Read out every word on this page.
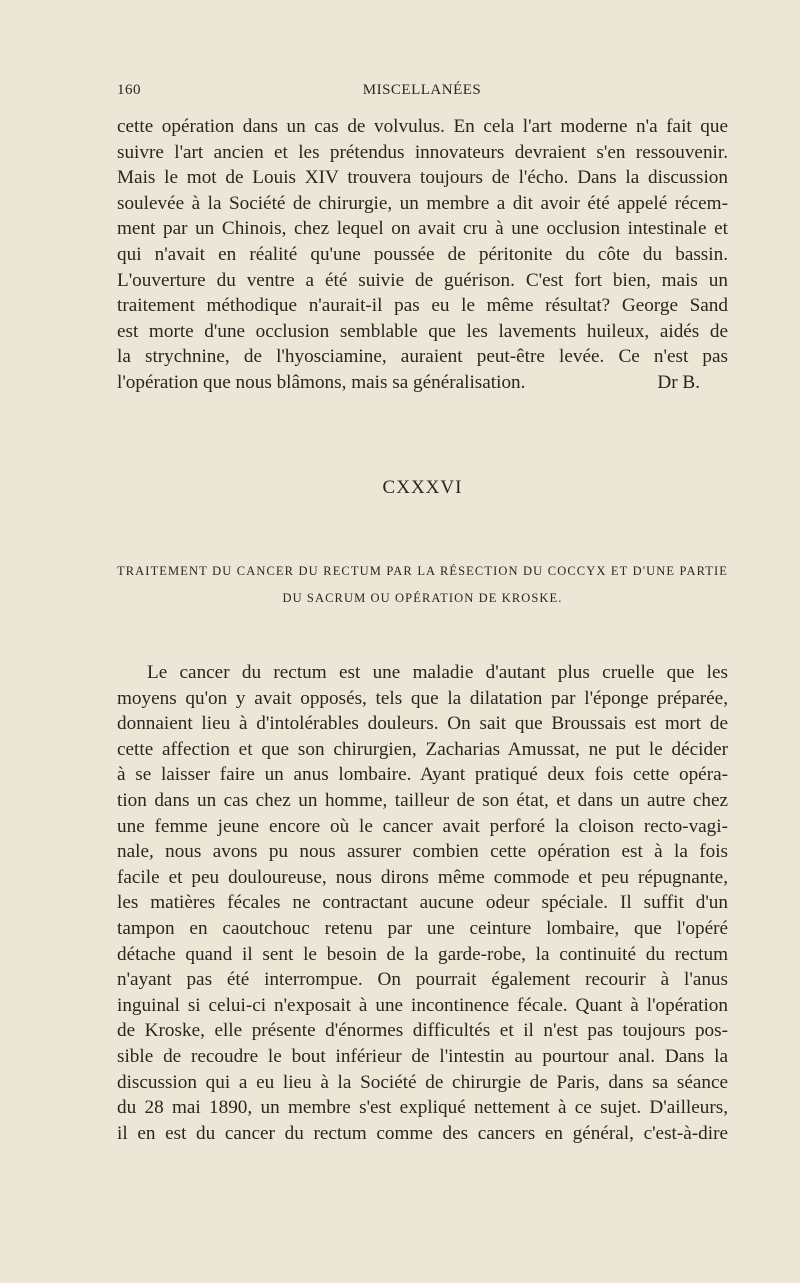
160	MISCELLANÉES
cette opération dans un cas de volvulus. En cela l'art moderne n'a fait que
suivre l'art ancien et les prétendus innovateurs devraient s'en ressouvenir.
Mais le mot de Louis XIV trouvera toujours de l'écho. Dans la discussion
soulevée à la Société de chirurgie, un membre a dit avoir été appelé récem-
ment par un Chinois, chez lequel on avait cru à une occlusion intestinale et
qui n'avait en réalité qu'une poussée de péritonite du côte du bassin.
L'ouverture du ventre a été suivie de guérison. C'est fort bien, mais un
traitement méthodique n'aurait-il pas eu le même résultat? George Sand
est morte d'une occlusion semblable que les lavements huileux, aidés de
la strychnine, de l'hyosciamine, auraient peut-être levée. Ce n'est pas
l'opération que nous blâmons, mais sa généralisation.	Dr B.
CXXXVI
TRAITEMENT DU CANCER DU RECTUM PAR LA RÉSECTION DU COCCYX ET D'UNE PARTIE
DU SACRUM OU OPÉRATION DE KROSKE.
Le cancer du rectum est une maladie d'autant plus cruelle que les
moyens qu'on y avait opposés, tels que la dilatation par l'éponge préparée,
donnaient lieu à d'intolérables douleurs. On sait que Broussais est mort de
cette affection et que son chirurgien, Zacharias Amussat, ne put le décider
à se laisser faire un anus lombaire. Ayant pratiqué deux fois cette opéra-
tion dans un cas chez un homme, tailleur de son état, et dans un autre chez
une femme jeune encore où le cancer avait perforé la cloison recto-vagi-
nale, nous avons pu nous assurer combien cette opération est à la fois
facile et peu douloureuse, nous dirons même commode et peu répugnante,
les matières fécales ne contractant aucune odeur spéciale. Il suffit d'un
tampon en caoutchouc retenu par une ceinture lombaire, que l'opéré
détache quand il sent le besoin de la garde-robe, la continuité du rectum
n'ayant pas été interrompue. On pourrait également recourir à l'anus
inguinal si celui-ci n'exposait à une incontinence fécale. Quant à l'opération
de Kroske, elle présente d'énormes difficultés et il n'est pas toujours pos-
sible de recoudre le bout inférieur de l'intestin au pourtour anal. Dans la
discussion qui a eu lieu à la Société de chirurgie de Paris, dans sa séance
du 28 mai 1890, un membre s'est expliqué nettement à ce sujet. D'ailleurs,
il en est du cancer du rectum comme des cancers en général, c'est-à-dire
